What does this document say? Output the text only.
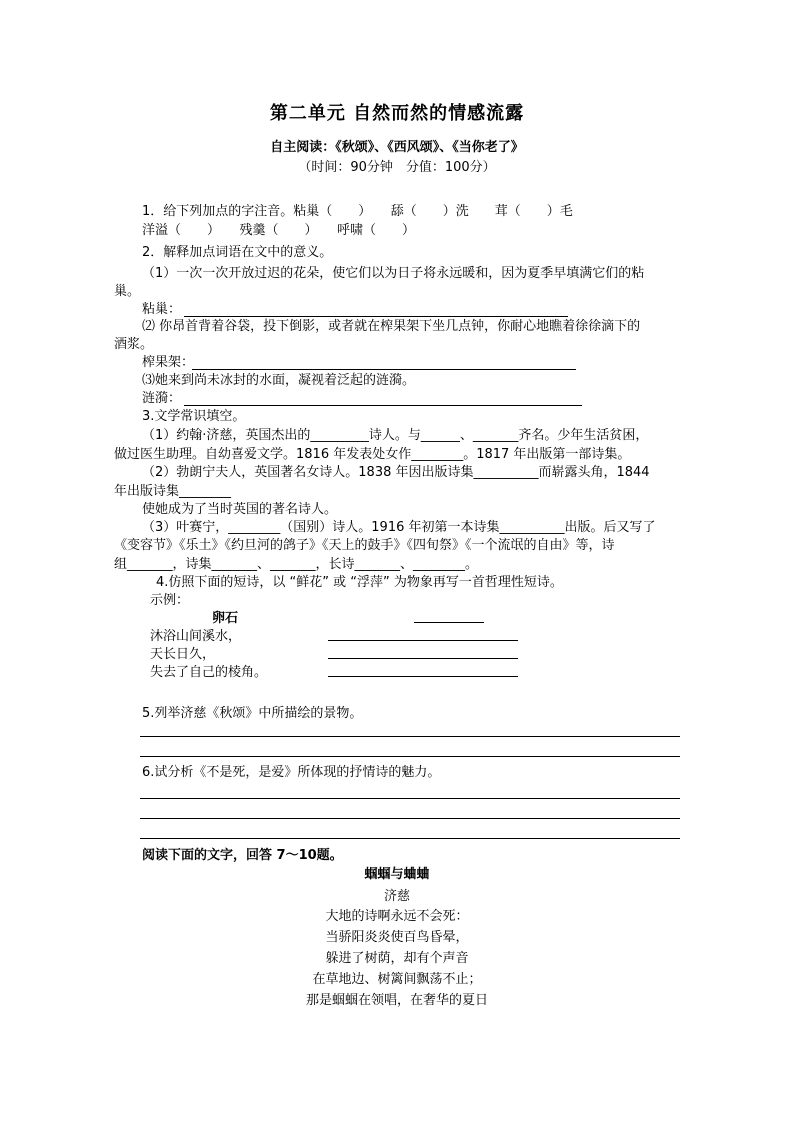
第二单元 自然而然的情感流露
自主阅读：《秋颂》、《西风颂》、《当你老了》
（时间：90分钟　分值：100分）
1．给下列加点的字注音。粘巢（　　）　　舔（　　）洗　　茸（　　）毛
洋溢（　　）　　残羹（　　）　　呼啸（　　）
2．解释加点词语在文中的意义。
（1）一次一次开放过迟的花朵，使它们以为日子将永远暖和，因为夏季早填满它们的粘
巢。
粘巢：
⑵ 你昂首背着谷袋，投下倒影，或者就在榨果架下坐几点钟，你耐心地瞧着徐徐滴下的
酒浆。
榨果架：
⑶她来到尚未冰封的水面，凝视着泛起的涟漪。
涟漪：
3.文学常识填空。
（1）约翰·济慈，英国杰出的_________诗人。与______、_______齐名。少年生活贫困，
做过医生助理。自幼喜爱文学。1816 年发表处女作________。1817 年出版第一部诗集。
（2）勃朗宁夫人，英国著名女诗人。1838 年因出版诗集__________而崭露头角，1844
年出版诗集________
使她成为了当时英国的著名诗人。
（3）叶赛宁，________（国别）诗人。1916 年初第一本诗集__________出版。后又写了
《变容节》《乐土》《约旦河的鸽子》《天上的鼓手》《四旬祭》《一个流氓的自由》等，诗
组_______，诗集_______、_______，长诗_______、________。
4.仿照下面的短诗，以 “鲜花” 或 “浮萍” 为物象再写一首哲理性短诗。
示例：
卵石
沐浴山间溪水，
天长日久，
失去了自己的棱角。
5.列举济慈《秋颂》中所描绘的景物。
6.试分析《不是死，是爱》所体现的抒情诗的魅力。
阅读下面的文字，回答 7～10题。
蝈蝈与蛐蛐
济慈
大地的诗啊永远不会死：
当骄阳炎炎使百鸟昏晕，
躲进了树荫，却有个声音
在草地边、树篱间飘荡不止；
那是蝈蝈在领唱，在奢华的夏日
